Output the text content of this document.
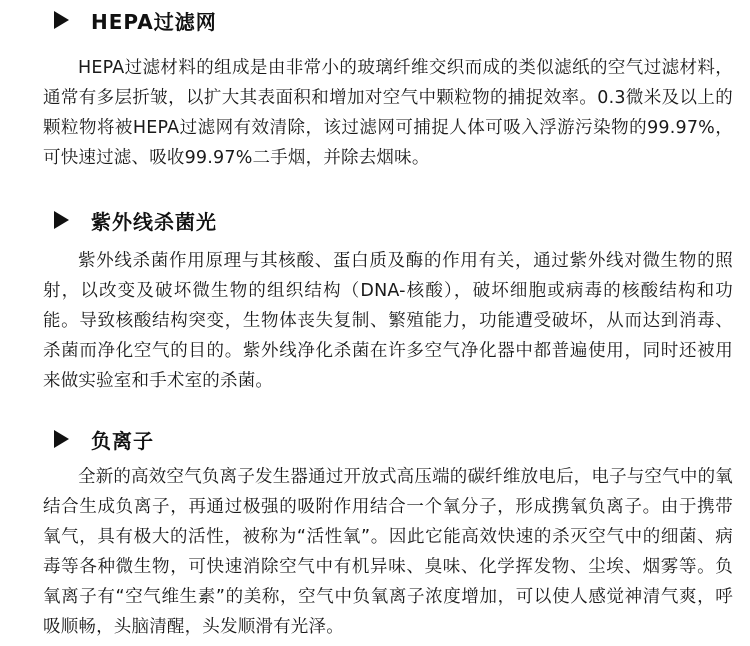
HEPA过滤网

HEPA过滤材料的组成是由非常小的玻璃纤维交织而成的类似滤纸的空气过滤材料，通常有多层折皱，以扩大其表面积和增加对空气中颗粒物的捕捉效率。0.3微米及以上的颗粒物将被HEPA过滤网有效清除，该过滤网可捕捉人体可吸入浮游污染物的99.97%，可快速过滤、吸收99.97%二手烟，并除去烟味。

紫外线杀菌光

紫外线杀菌作用原理与其核酸、蛋白质及酶的作用有关，通过紫外线对微生物的照射，以改变及破坏微生物的组织结构（DNA-核酸），破坏细胞或病毒的核酸结构和功能。导致核酸结构突变，生物体丧失复制、繁殖能力，功能遭受破坏，从而达到消毒、杀菌而净化空气的目的。紫外线净化杀菌在许多空气净化器中都普遍使用，同时还被用来做实验室和手术室的杀菌。

负离子

全新的高效空气负离子发生器通过开放式高压端的碳纤维放电后，电子与空气中的氧结合生成负离子，再通过极强的吸附作用结合一个氧分子，形成携氧负离子。由于携带氧气，具有极大的活性，被称为“活性氧”。因此它能高效快速的杀灭空气中的细菌、病毒等各种微生物，可快速消除空气中有机异味、臭味、化学挥发物、尘埃、烟雾等。负氧离子有“空气维生素”的美称，空气中负氧离子浓度增加，可以使人感觉神清气爽，呼吸顺畅，头脑清醒，头发顺滑有光泽。
